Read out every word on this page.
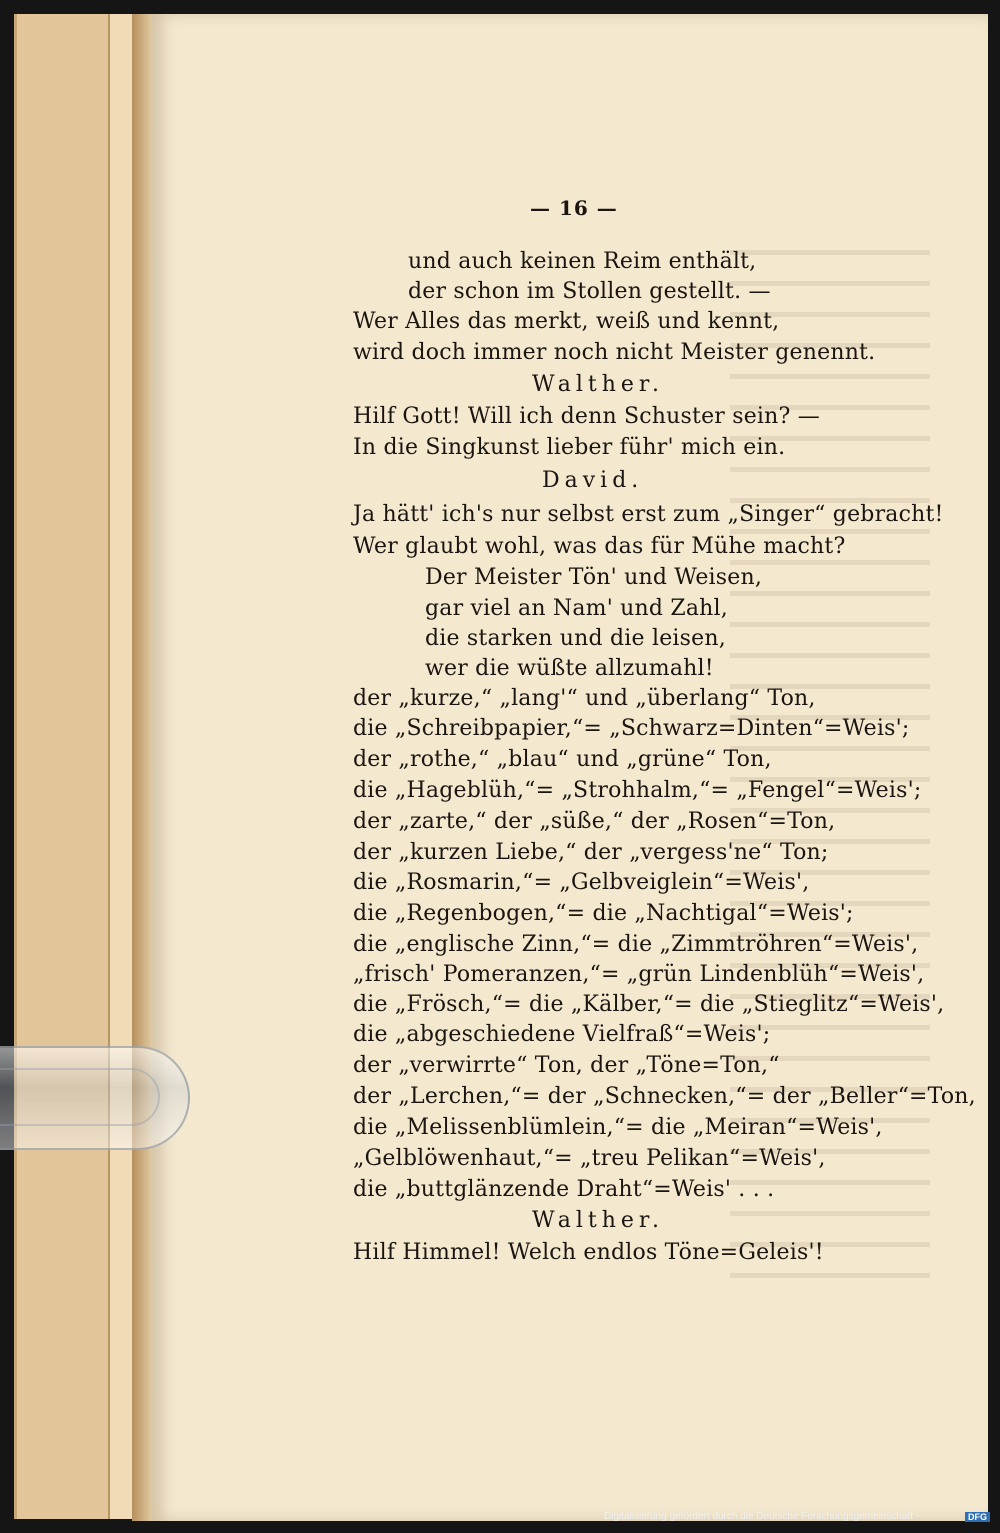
— 16 —
und auch keinen Reim enthält,
der schon im Stollen gestellt. —
Wer Alles das merkt, weiß und kennt,
wird doch immer noch nicht Meister genennt.
Walther.
Hilf Gott! Will ich denn Schuster sein? —
In die Singkunst lieber führ' mich ein.
David.
Ja hätt' ich's nur selbst erst zum „Singer“ gebracht!
Wer glaubt wohl, was das für Mühe macht?
Der Meister Tön' und Weisen,
gar viel an Nam' und Zahl,
die starken und die leisen,
wer die wüßte allzumahl!
der „kurze,“ „lang'“ und „überlang“ Ton,
die „Schreibpapier,“= „Schwarz=Dinten“=Weis';
der „rothe,“ „blau“ und „grüne“ Ton,
die „Hageblüh,“= „Strohhalm,“= „Fengel“=Weis';
der „zarte,“ der „süße,“ der „Rosen“=Ton,
der „kurzen Liebe,“ der „vergess'ne“ Ton;
die „Rosmarin,“= „Gelbveiglein“=Weis',
die „Regenbogen,“= die „Nachtigal“=Weis';
die „englische Zinn,“= die „Zimmtröhren“=Weis',
„frisch' Pomeranzen,“= „grün Lindenblüh“=Weis',
die „Frösch,“= die „Kälber,“= die „Stieglitz“=Weis',
die „abgeschiedene Vielfraß“=Weis';
der „verwirrte“ Ton, der „Töne=Ton,“
der „Lerchen,“= der „Schnecken,“= der „Beller“=Ton,
die „Melissenblümlein,“= die „Meiran“=Weis',
„Gelblöwenhaut,“= „treu Pelikan“=Weis',
die „buttglänzende Draht“=Weis' . . .
Walther.
Hilf Himmel! Welch endlos Töne=Geleis'!
Digitalisierung gefördert durch die Deutsche Forschungsgemeinschaft -	DFG
